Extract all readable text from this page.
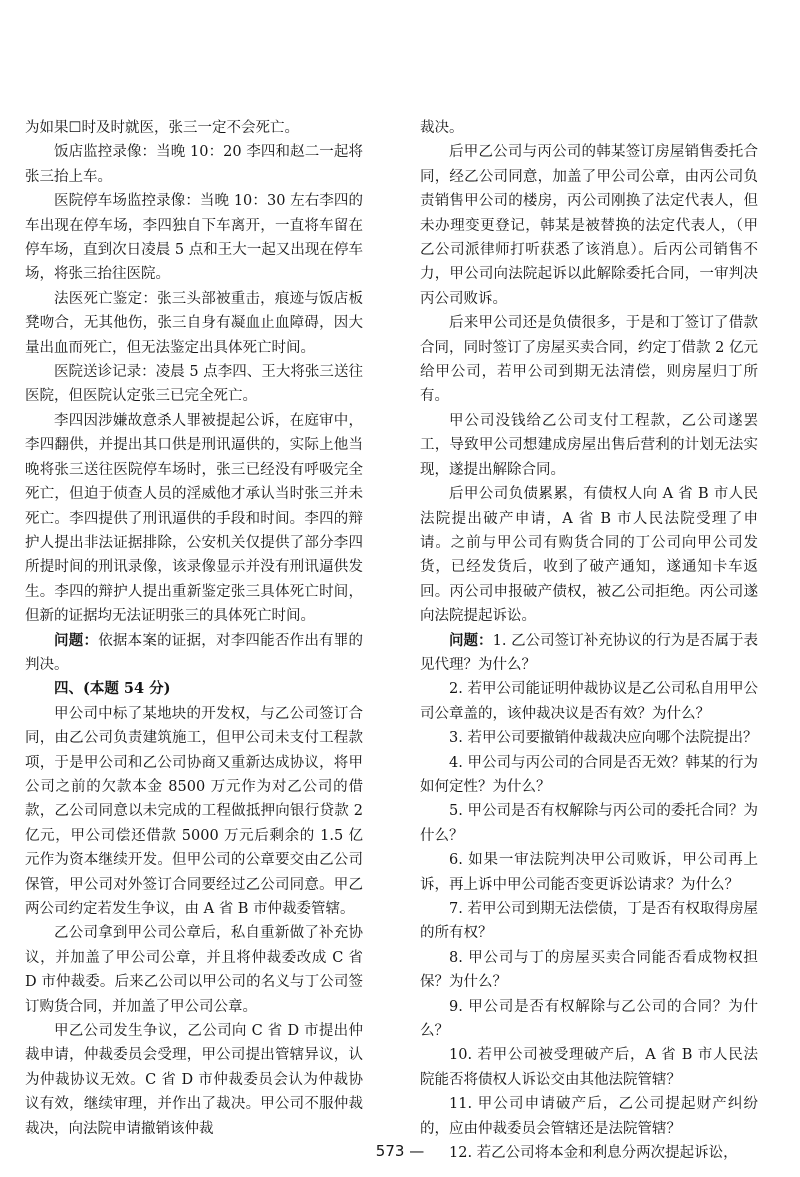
为如果☐时及时就医，张三一定不会死亡。

饭店监控录像：当晚 10：20 李四和赵二一起将张三抬上车。

医院停车场监控录像：当晚 10：30 左右李四的车出现在停车场，李四独自下车离开，一直将车留在停车场，直到次日凌晨 5 点和王大一起又出现在停车场，将张三抬往医院。

法医死亡鉴定：张三头部被重击，痕迹与饭店板凳吻合，无其他伤，张三自身有凝血止血障碍，因大量出血而死亡，但无法鉴定出具体死亡时间。

医院送诊记录：凌晨 5 点李四、王大将张三送往医院，但医院认定张三已完全死亡。

李四因涉嫌故意杀人罪被提起公诉，在庭审中，李四翻供，并提出其口供是刑讯逼供的，实际上他当晚将张三送往医院停车场时，张三已经没有呼吸完全死亡，但迫于侦查人员的淫威他才承认当时张三并未死亡。李四提供了刑讯逼供的手段和时间。李四的辩护人提出非法证据排除，公安机关仅提供了部分李四所提时间的刑讯录像，该录像显示并没有刑讯逼供发生。李四的辩护人提出重新鉴定张三具体死亡时间，但新的证据均无法证明张三的具体死亡时间。

问题：依据本案的证据，对李四能否作出有罪的判决。

四、(本题 54 分)

甲公司中标了某地块的开发权，与乙公司签订合同，由乙公司负责建筑施工，但甲公司未支付工程款项，于是甲公司和乙公司协商又重新达成协议，将甲公司之前的欠款本金 8500 万元作为对乙公司的借款，乙公司同意以未完成的工程做抵押向银行贷款 2 亿元，甲公司偿还借款 5000 万元后剩余的 1.5 亿元作为资本继续开发。但甲公司的公章要交由乙公司保管，甲公司对外签订合同要经过乙公司同意。甲乙两公司约定若发生争议，由 A 省 B 市仲裁委管辖。

乙公司拿到甲公司公章后，私自重新做了补充协议，并加盖了甲公司公章，并且将仲裁委改成 C 省 D 市仲裁委。后来乙公司以甲公司的名义与丁公司签订购货合同，并加盖了甲公司公章。

甲乙公司发生争议，乙公司向 C 省 D 市提出仲裁申请，仲裁委员会受理，甲公司提出管辖异议，认为仲裁协议无效。C 省 D 市仲裁委员会认为仲裁协议有效，继续审理，并作出了裁决。甲公司不服仲裁裁决，向法院申请撤销该仲裁

裁决。

后甲乙公司与丙公司的韩某签订房屋销售委托合同，经乙公司同意，加盖了甲公司公章，由丙公司负责销售甲公司的楼房，丙公司刚换了法定代表人，但未办理变更登记，韩某是被替换的法定代表人，（甲乙公司派律师打听获悉了该消息）。后丙公司销售不力，甲公司向法院起诉以此解除委托合同，一审判决丙公司败诉。

后来甲公司还是负债很多，于是和丁签订了借款合同，同时签订了房屋买卖合同，约定丁借款 2 亿元给甲公司，若甲公司到期无法清偿，则房屋归丁所有。

甲公司没钱给乙公司支付工程款，乙公司遂罢工，导致甲公司想建成房屋出售后营利的计划无法实现，遂提出解除合同。

后甲公司负债累累，有债权人向 A 省 B 市人民法院提出破产申请，A 省 B 市人民法院受理了申请。之前与甲公司有购货合同的丁公司向甲公司发货，已经发货后，收到了破产通知，遂通知卡车返回。丙公司申报破产债权，被乙公司拒绝。丙公司遂向法院提起诉讼。

问题：1. 乙公司签订补充协议的行为是否属于表见代理？为什么？

2. 若甲公司能证明仲裁协议是乙公司私自用甲公司公章盖的，该仲裁决议是否有效？为什么？

3. 若甲公司要撤销仲裁裁决应向哪个法院提出？

4. 甲公司与丙公司的合同是否无效？韩某的行为如何定性？为什么？

5. 甲公司是否有权解除与丙公司的委托合同？为什么？

6. 如果一审法院判决甲公司败诉，甲公司再上诉，再上诉中甲公司能否变更诉讼请求？为什么？

7. 若甲公司到期无法偿债，丁是否有权取得房屋的所有权？

8. 甲公司与丁的房屋买卖合同能否看成物权担保？为什么？

9. 甲公司是否有权解除与乙公司的合同？为什么？

10. 若甲公司被受理破产后，A 省 B 市人民法院能否将债权人诉讼交由其他法院管辖？

11. 甲公司申请破产后，乙公司提起财产纠纷的，应由仲裁委员会管辖还是法院管辖？

12. 若乙公司将本金和利息分两次提起诉讼，

573 —
